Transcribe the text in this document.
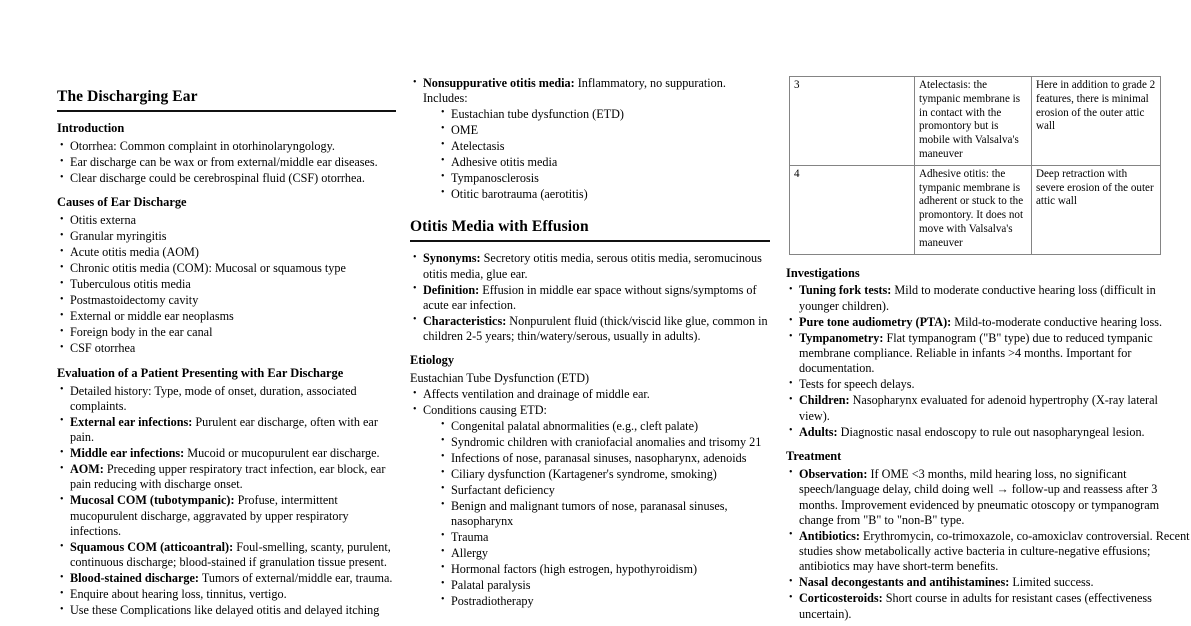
The Discharging Ear
Introduction
• Otorrhea: Common complaint in otorhinolaryngology.
• Ear discharge can be wax or from external/middle ear diseases.
• Clear discharge could be cerebrospinal fluid (CSF) otorrhea.
Causes of Ear Discharge
• Otitis externa
• Granular myringitis
• Acute otitis media (AOM)
• Chronic otitis media (COM): Mucosal or squamous type
• Tuberculous otitis media
• Postmastoidectomy cavity
• External or middle ear neoplasms
• Foreign body in the ear canal
• CSF otorrhea
Evaluation of a Patient Presenting with Ear Discharge
• Detailed history: Type, mode of onset, duration, associated complaints.
• External ear infections: Purulent ear discharge, often with ear pain.
• Middle ear infections: Mucoid or mucopurulent ear discharge.
• AOM: Preceding upper respiratory tract infection, ear block, ear pain reducing with discharge onset.
• Mucosal COM (tubotympanic): Profuse, intermittent mucopurulent discharge, aggravated by upper respiratory infections.
• Squamous COM (atticoantral): Foul-smelling, scanty, purulent, continuous discharge; blood-stained if granulation tissue present.
• Blood-stained discharge: Tumors of external/middle ear, trauma.
• Enquire about hearing loss, tinnitus, vertigo.
• Use these Complications like delayed otitis and delayed itching
• Nonsuppurative otitis media: Inflammatory, no suppuration. Includes:
• Eustachian tube dysfunction (ETD)
• OME
• Atelectasis
• Adhesive otitis media
• Tympanosclerosis
• Otitic barotrauma (aerotitis)
Otitis Media with Effusion
• Synonyms: Secretory otitis media, serous otitis media, seromucinous otitis media, glue ear.
• Definition: Effusion in middle ear space without signs/symptoms of acute ear infection.
• Characteristics: Nonpurulent fluid (thick/viscid like glue, common in children 2-5 years; thin/watery/serous, usually in adults).
Etiology
Eustachian Tube Dysfunction (ETD)
• Affects ventilation and drainage of middle ear.
• Conditions causing ETD:
• Congenital palatal abnormalities (e.g., cleft palate)
• Syndromic children with craniofacial anomalies and trisomy 21
• Infections of nose, paranasal sinuses, nasopharynx, adenoids
• Ciliary dysfunction (Kartagener's syndrome, smoking)
• Surfactant deficiency
• Benign and malignant tumors of nose, paranasal sinuses, nasopharynx
• Trauma
• Allergy
• Hormonal factors (high estrogen, hypothyroidism)
• Palatal paralysis
• Postradiotherapy
3	Atelectasis: the tympanic membrane is in contact with the promontory but is mobile with Valsalva's maneuver	Here in addition to grade 2 features, there is minimal erosion of the outer attic wall
4	Adhesive otitis: the tympanic membrane is adherent or stuck to the promontory. It does not move with Valsalva's maneuver	Deep retraction with severe erosion of the outer attic wall
Investigations
• Tuning fork tests: Mild to moderate conductive hearing loss (difficult in younger children).
• Pure tone audiometry (PTA): Mild-to-moderate conductive hearing loss.
• Tympanometry: Flat tympanogram ("B" type) due to reduced tympanic membrane compliance. Reliable in infants >4 months. Important for documentation.
• Tests for speech delays.
• Children: Nasopharynx evaluated for adenoid hypertrophy (X-ray lateral view).
• Adults: Diagnostic nasal endoscopy to rule out nasopharyngeal lesion.
Treatment
• Observation: If OME <3 months, mild hearing loss, no significant speech/language delay, child doing well → follow-up and reassess after 3 months. Improvement evidenced by pneumatic otoscopy or tympanogram change from "B" to "non-B" type.
• Antibiotics: Erythromycin, co-trimoxazole, co-amoxiclav controversial. Recent studies show metabolically active bacteria in culture-negative effusions; antibiotics may have short-term benefits.
• Nasal decongestants and antihistamines: Limited success.
• Corticosteroids: Short course in adults for resistant cases (effectiveness uncertain).
